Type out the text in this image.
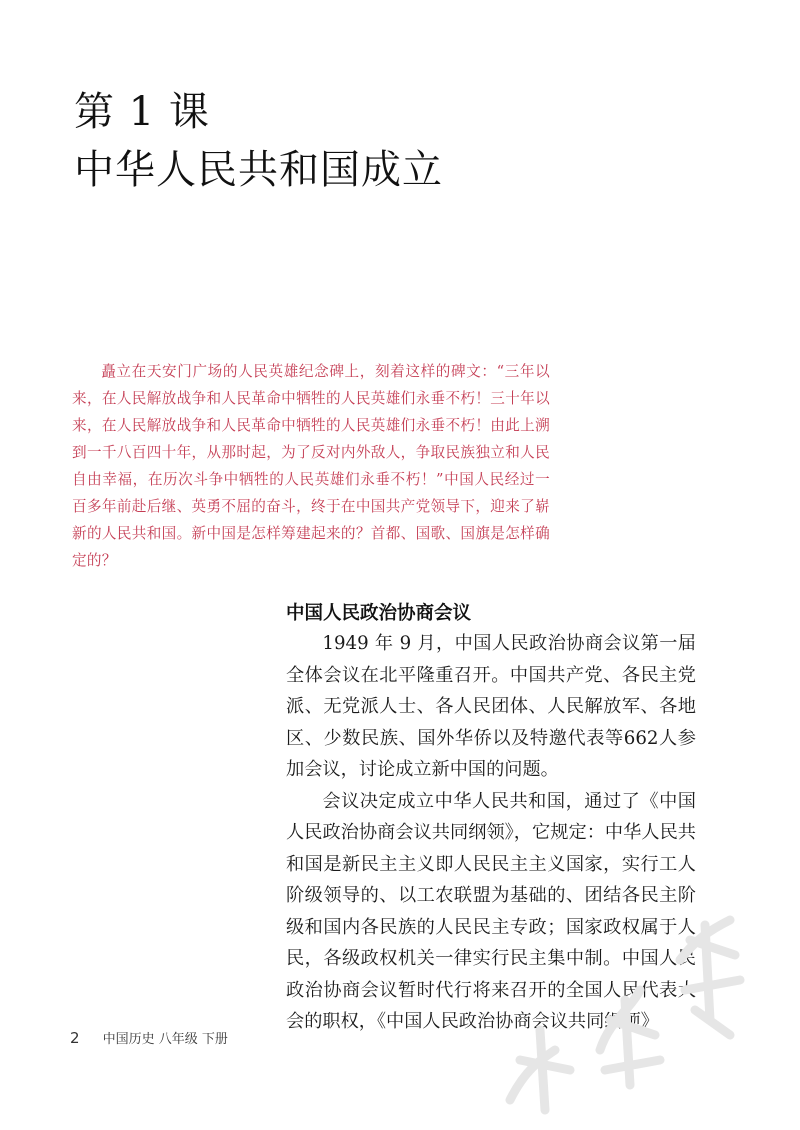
第 1 课
中华人民共和国成立

矗立在天安门广场的人民英雄纪念碑上，刻着这样的碑文：“三年以来，在人民解放战争和人民革命中牺牲的人民英雄们永垂不朽！三十年以来，在人民解放战争和人民革命中牺牲的人民英雄们永垂不朽！由此上溯到一千八百四十年，从那时起，为了反对内外敌人，争取民族独立和人民自由幸福，在历次斗争中牺牲的人民英雄们永垂不朽！”中国人民经过一百多年前赴后继、英勇不屈的奋斗，终于在中国共产党领导下，迎来了崭新的人民共和国。新中国是怎样筹建起来的？首都、国歌、国旗是怎样确定的？

中国人民政治协商会议

1949 年 9 月，中国人民政治协商会议第一届全体会议在北平隆重召开。中国共产党、各民主党派、无党派人士、各人民团体、人民解放军、各地区、少数民族、国外华侨以及特邀代表等662人参加会议，讨论成立新中国的问题。

会议决定成立中华人民共和国，通过了《中国人民政治协商会议共同纲领》，它规定：中华人民共和国是新民主主义即人民民主主义国家，实行工人阶级领导的、以工农联盟为基础的、团结各民主阶级和国内各民族的人民民主专政；国家政权属于人民，各级政权机关一律实行民主集中制。中国人民政治协商会议暂时代行将来召开的全国人民代表大会的职权，《中国人民政治协商会议共同纲领》

2 中国历史 八年级 下册
